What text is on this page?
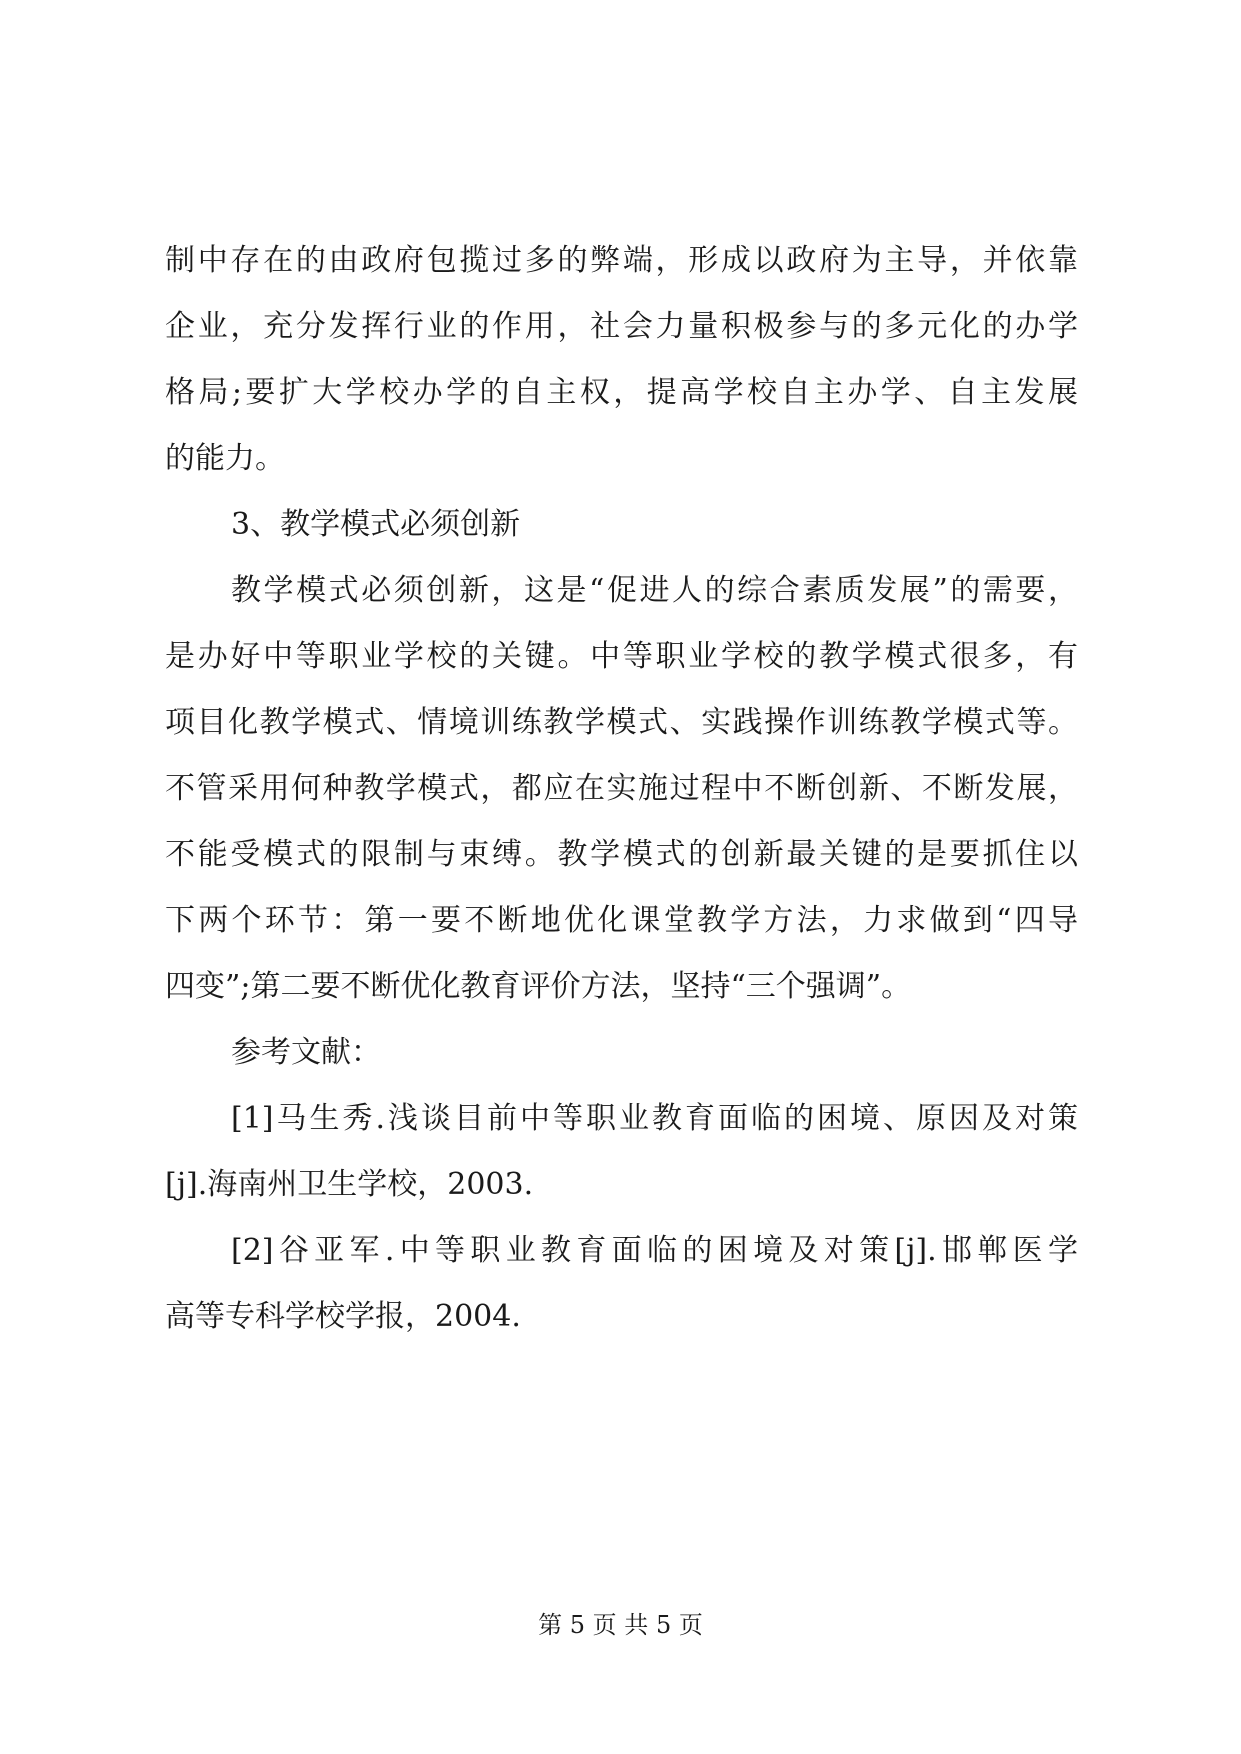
制中存在的由政府包揽过多的弊端，形成以政府为主导，并依靠
企业，充分发挥行业的作用，社会力量积极参与的多元化的办学
格局;要扩大学校办学的自主权，提高学校自主办学、自主发展
的能力。
3、教学模式必须创新
教学模式必须创新，这是“促进人的综合素质发展”的需要，
是办好中等职业学校的关键。中等职业学校的教学模式很多，有
项目化教学模式、情境训练教学模式、实践操作训练教学模式等。
不管采用何种教学模式，都应在实施过程中不断创新、不断发展，
不能受模式的限制与束缚。教学模式的创新最关键的是要抓住以
下两个环节：第一要不断地优化课堂教学方法，力求做到“四导
四变”;第二要不断优化教育评价方法，坚持“三个强调”。
参考文献：
[1]马生秀.浅谈目前中等职业教育面临的困境、原因及对策
[j].海南州卫生学校，2003.
[2]谷亚军.中等职业教育面临的困境及对策[j].邯郸医学
高等专科学校学报，2004.
第 5 页 共 5 页
